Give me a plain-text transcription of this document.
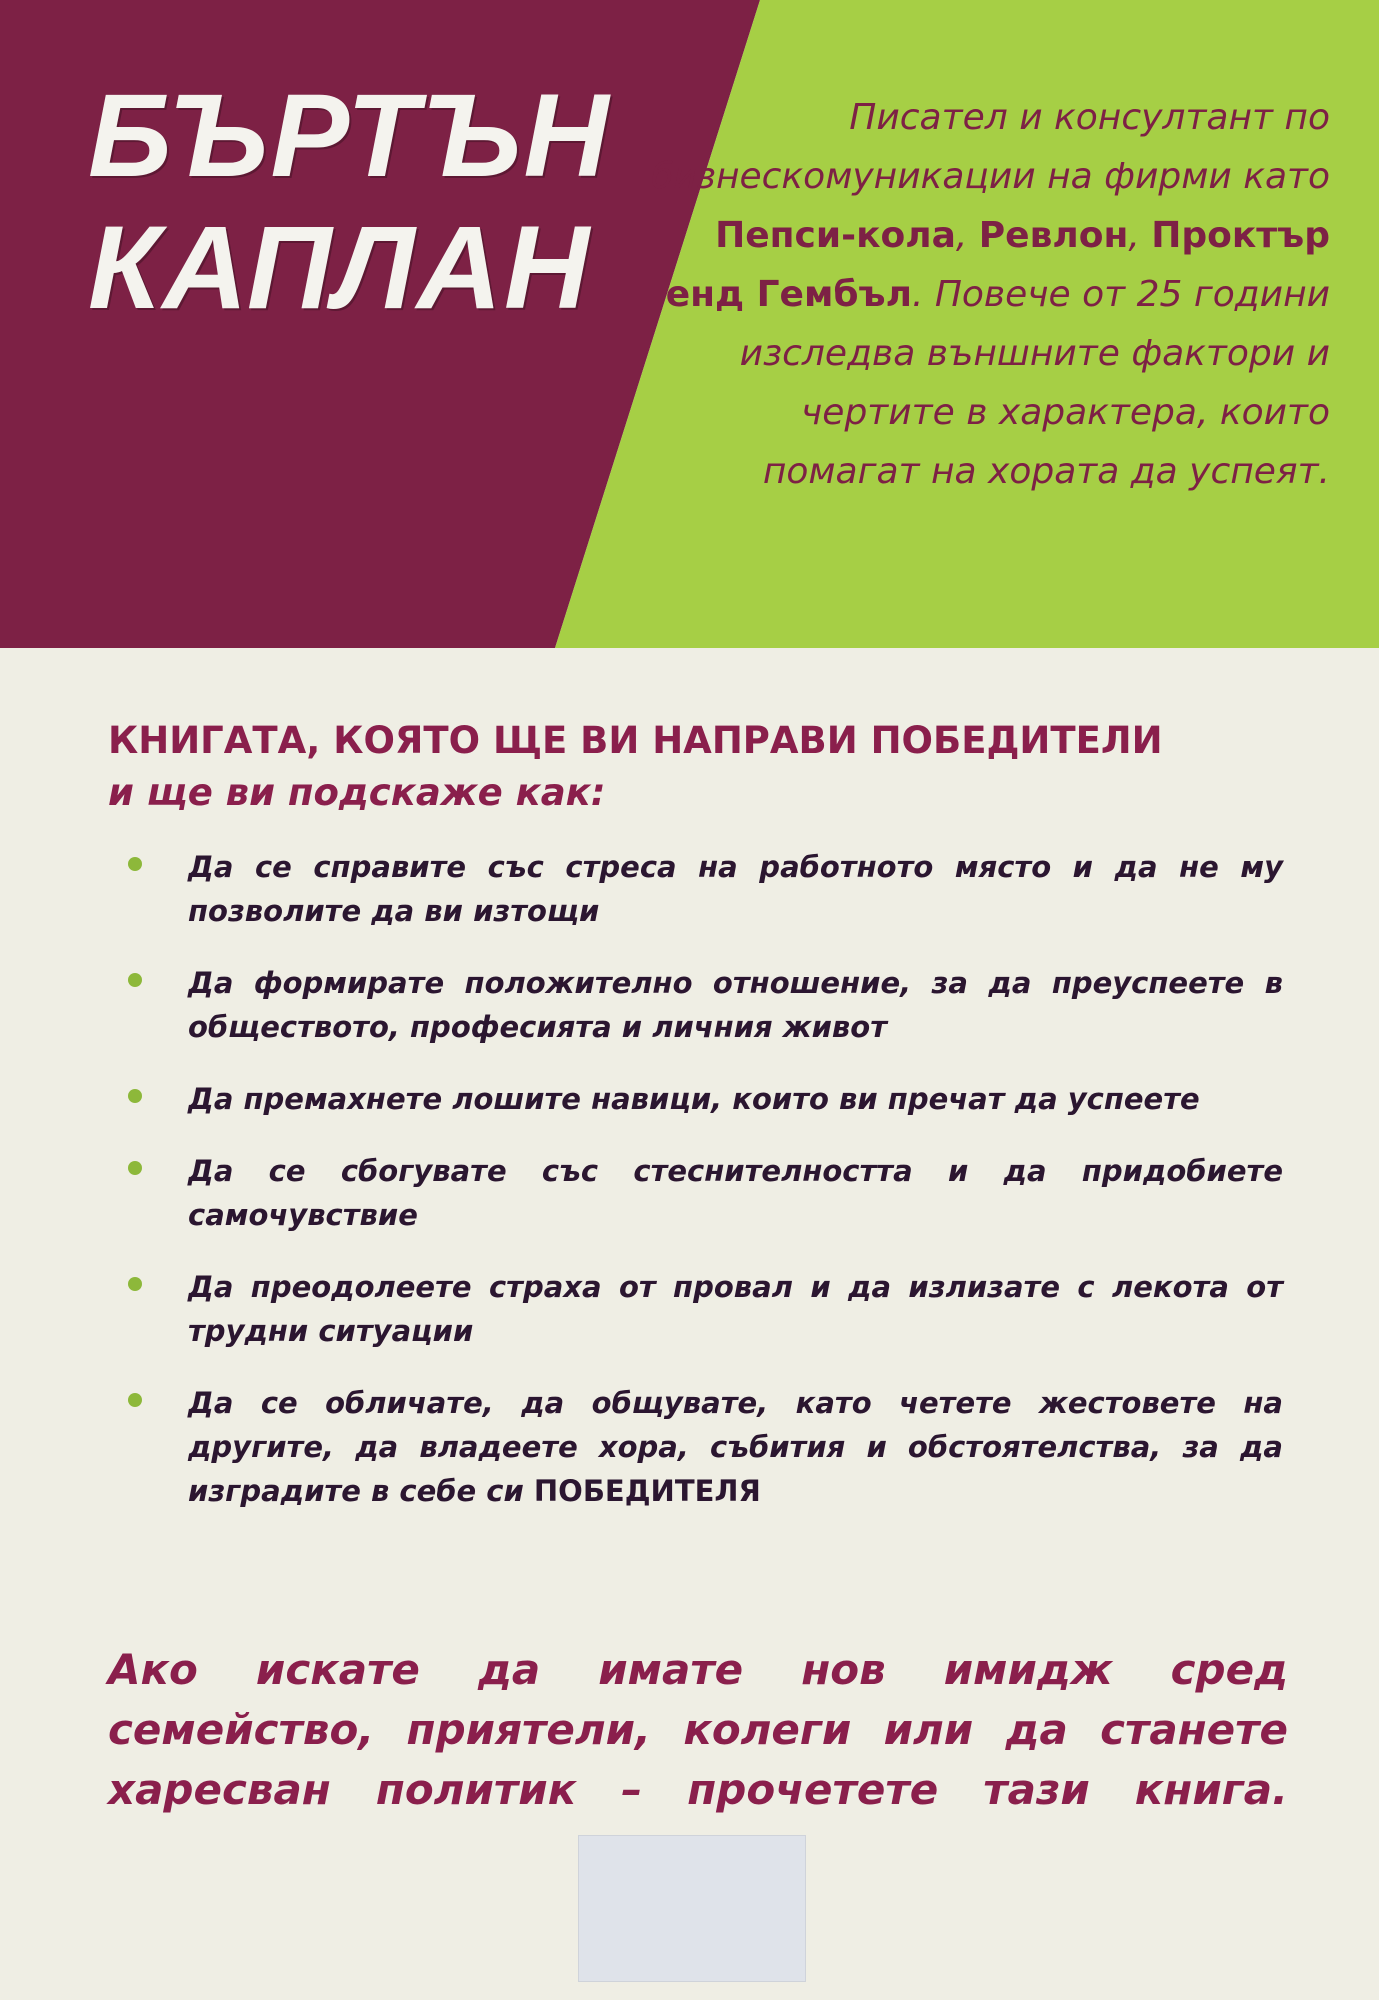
БЪРТЪН
КАПЛАН
Писател и консултант по бизнескомуникации на фирми като Пепси-кола, Ревлон, Проктър енд Гембъл. Повече от 25 години изследва външните фактори и чертите в характера, които помагат на хората да успеят.
КНИГАТА, КОЯТО ЩЕ ВИ НАПРАВИ ПОБЕДИТЕЛИ
и ще ви подскаже как:
Да се справите със стреса на работното място и да не му позволите да ви изтощи
Да формирате положително отношение, за да преуспеете в обществото, професията и личния живот
Да премахнете лошите навици, които ви пречат да успеете
Да се сбогувате със стеснителността и да придобиете самочувствие
Да преодолеете страха от провал и да излизате с лекота от трудни ситуации
Да се обличате, да общувате, като четете жестовете на другите, да владеете хора, събития и обстоятелства, за да изградите в себе си ПОБЕДИТЕЛЯ
Ако искате да имате нов имидж сред семейство, приятели, колеги или да станете харесван политик – прочетете тази книга.
